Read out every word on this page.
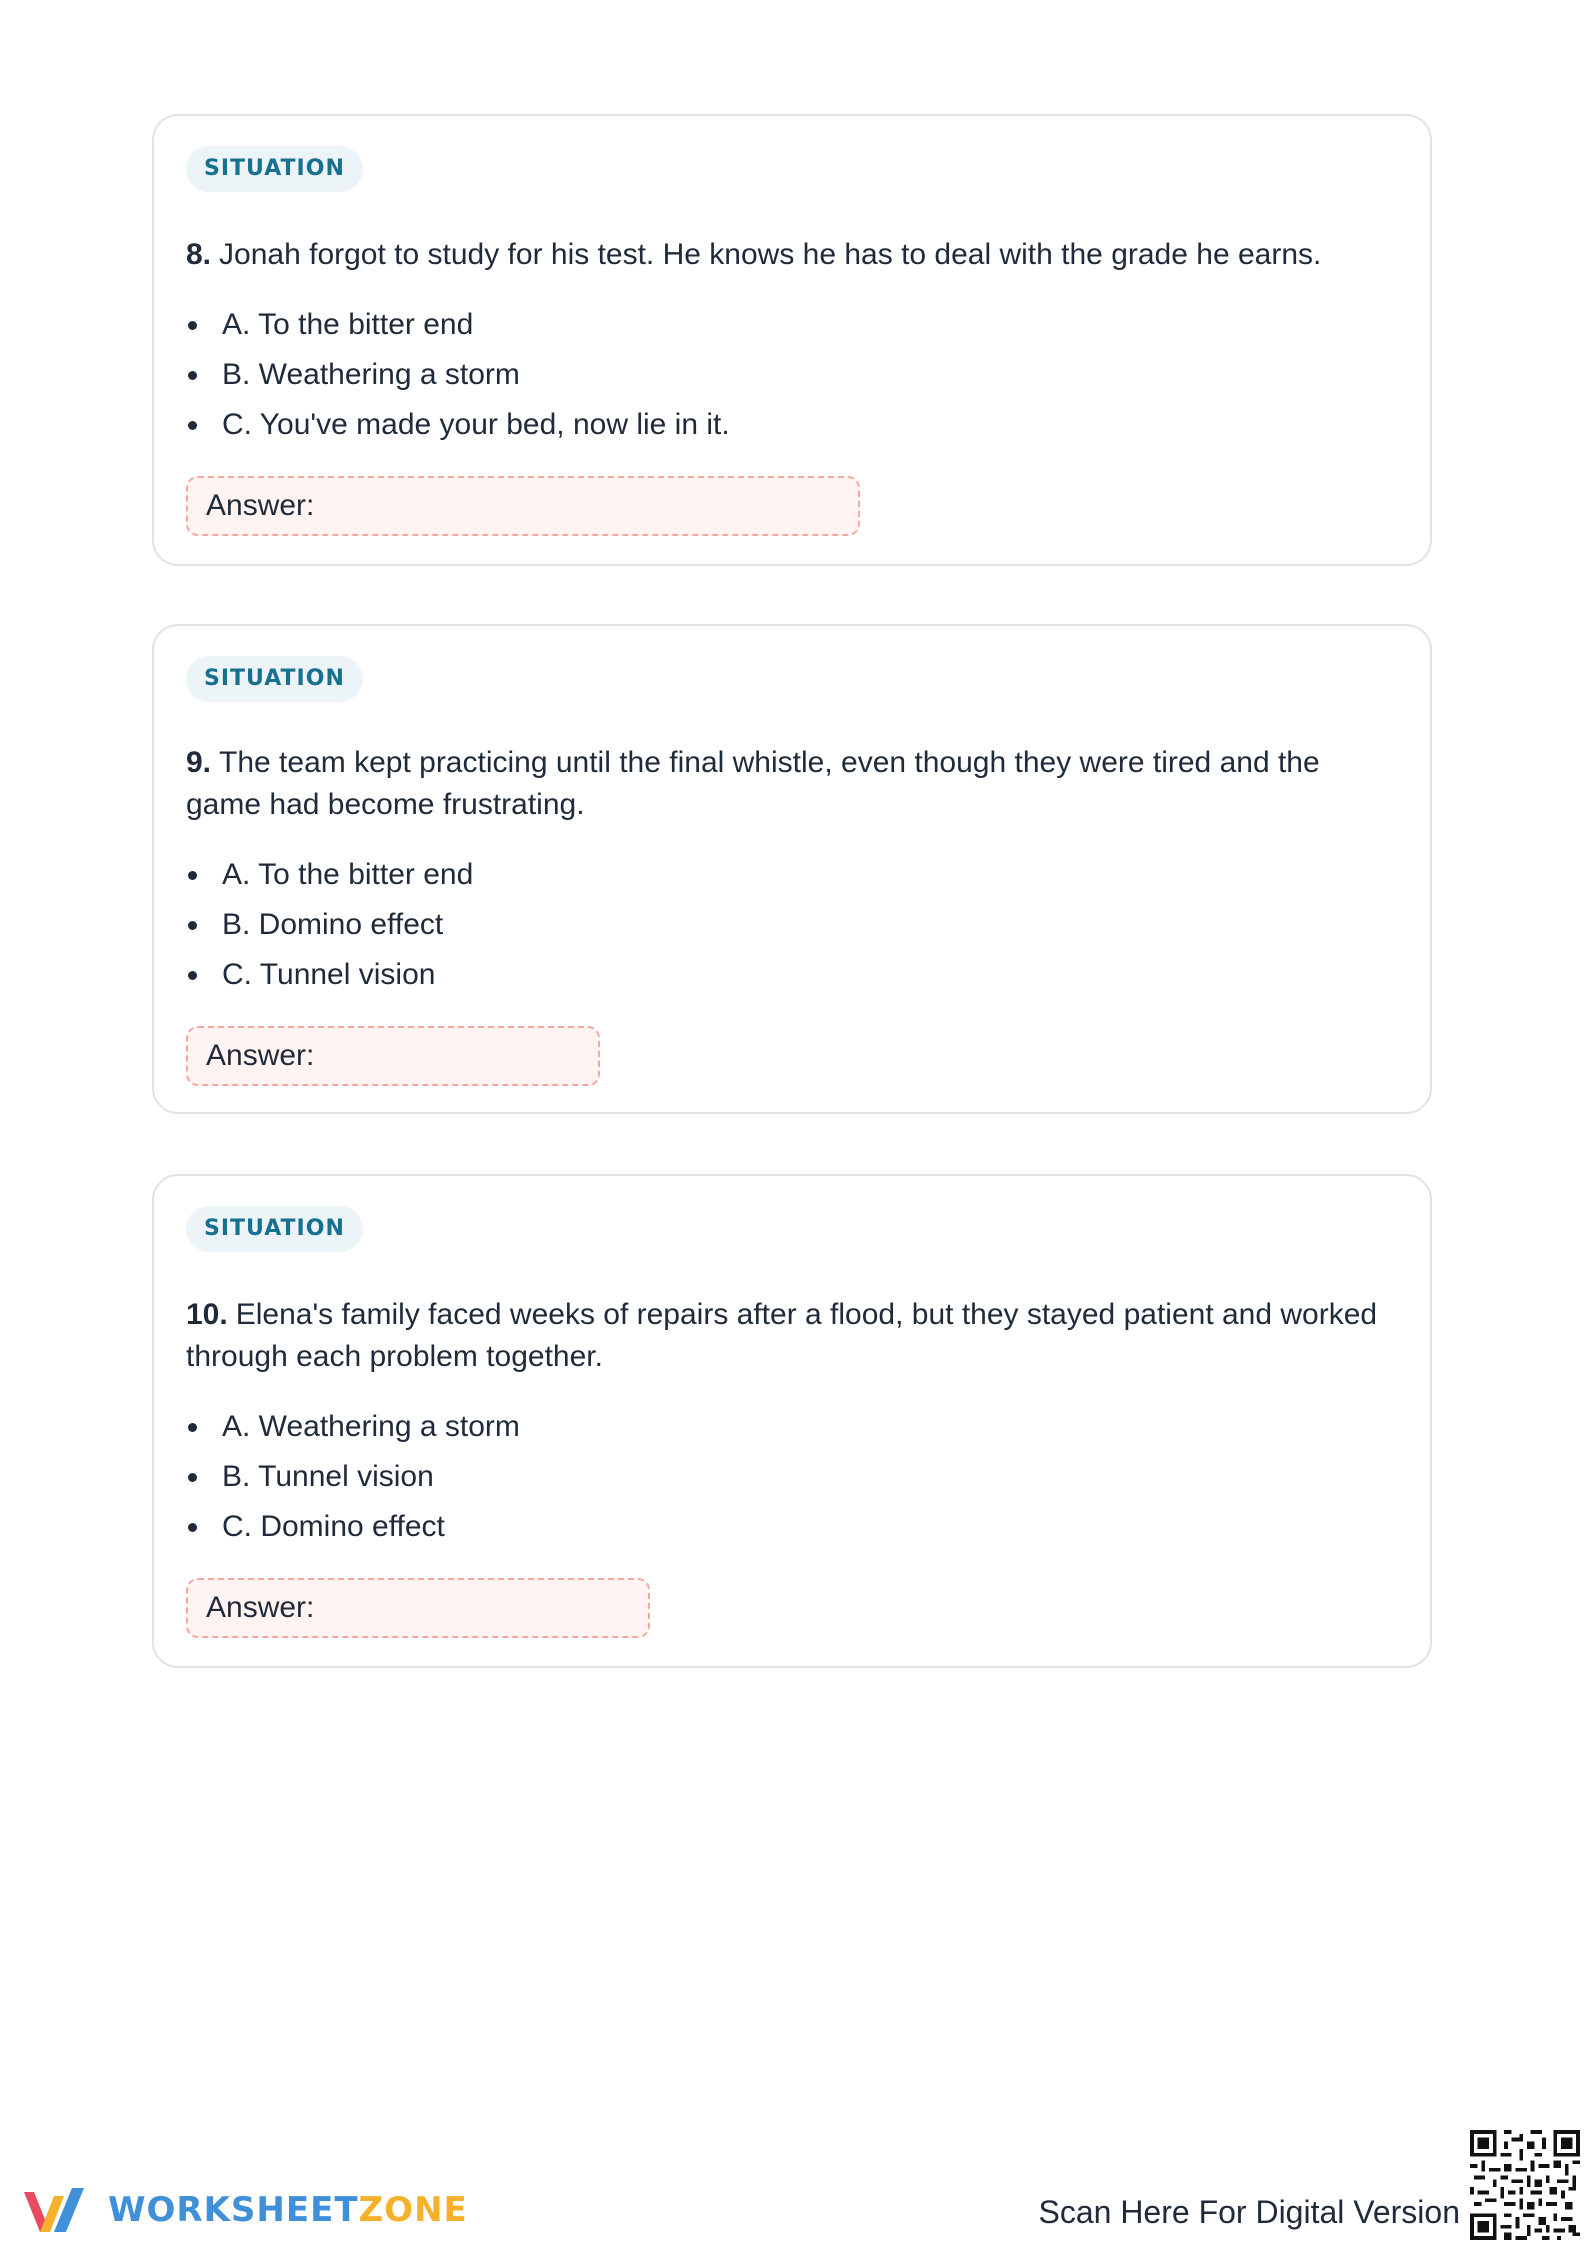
SITUATION
8. Jonah forgot to study for his test. He knows he has to deal with the grade he earns.
A. To the bitter end
B. Weathering a storm
C. You've made your bed, now lie in it.
Answer:
SITUATION
9. The team kept practicing until the final whistle, even though they were tired and the game had become frustrating.
A. To the bitter end
B. Domino effect
C. Tunnel vision
Answer:
SITUATION
10. Elena's family faced weeks of repairs after a flood, but they stayed patient and worked through each problem together.
A. Weathering a storm
B. Tunnel vision
C. Domino effect
Answer:
WORKSHEETZONE	Scan Here For Digital Version
